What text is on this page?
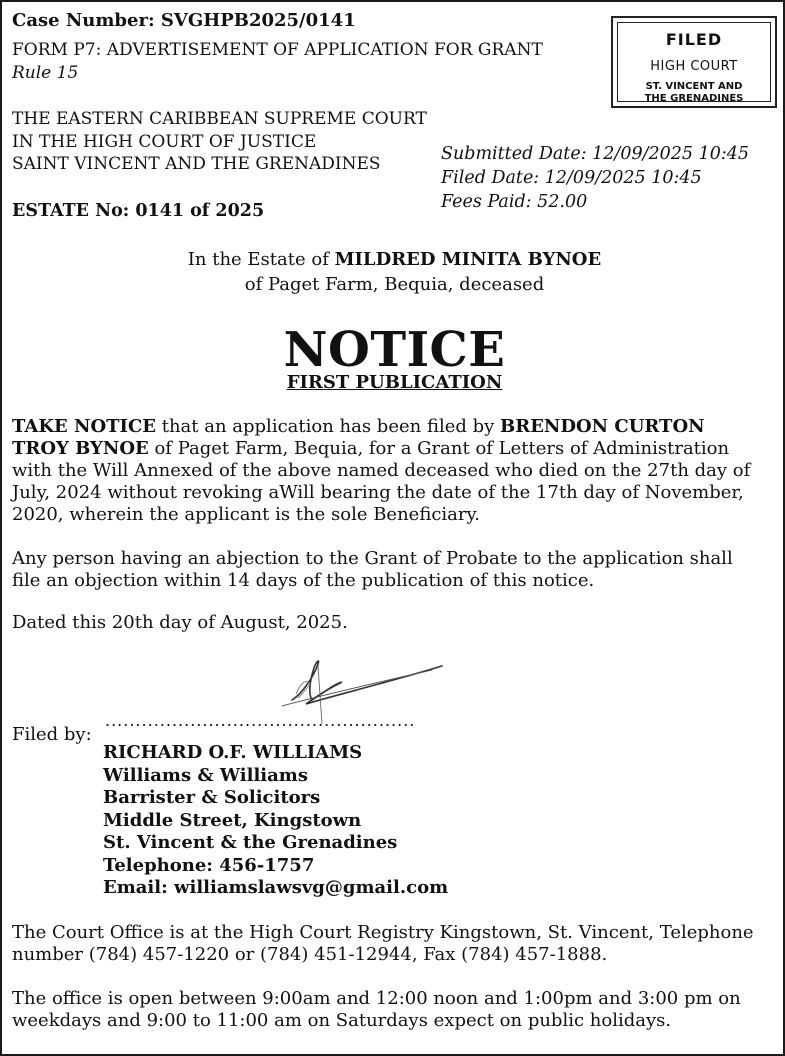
Case Number: SVGHPB2025/0141
FORM P7: ADVERTISEMENT OF APPLICATION FOR GRANT
Rule 15
THE EASTERN CARIBBEAN SUPREME COURT
IN THE HIGH COURT OF JUSTICE
SAINT VINCENT AND THE GRENADINES
ESTATE No: 0141 of 2025
Submitted Date: 12/09/2025 10:45
Filed Date: 12/09/2025 10:45
Fees Paid: 52.00
FILED
HIGH COURT
ST. VINCENT AND
THE GRENADINES
In the Estate of MILDRED MINITA BYNOE
of Paget Farm, Bequia, deceased
NOTICE
FIRST PUBLICATION
TAKE NOTICE that an application has been filed by BRENDON CURTON
TROY BYNOE of Paget Farm, Bequia, for a Grant of Letters of Administration
with the Will Annexed of the above named deceased who died on the 27th day of
July, 2024 without revoking aWill bearing the date of the 17th day of November,
2020, wherein the applicant is the sole Beneficiary.
Any person having an abjection to the Grant of Probate to the application shall
file an objection within 14 days of the publication of this notice.
Dated this 20th day of August, 2025.
...................................................
Filed by:
RICHARD O.F. WILLIAMS
Williams & Williams
Barrister & Solicitors
Middle Street, Kingstown
St. Vincent & the Grenadines
Telephone: 456-1757
Email: williamslawsvg@gmail.com
The Court Office is at the High Court Registry Kingstown, St. Vincent, Telephone
number (784) 457-1220 or (784) 451-12944, Fax (784) 457-1888.
The office is open between 9:00am and 12:00 noon and 1:00pm and 3:00 pm on
weekdays and 9:00 to 11:00 am on Saturdays expect on public holidays.
